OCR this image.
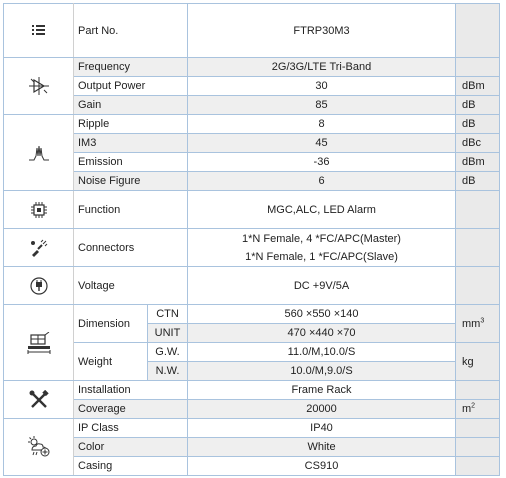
	Part No.		FTRP30M3	
	Frequency		2G/3G/LTE Tri-Band	
	Output Power		30	dBm
	Gain		85	dB
	Ripple		8	dB
	IM3		45	dBc
	Emission		-36	dBm
	Noise Figure		6	dB
	Function		MGC,ALC, LED Alarm	
	Connectors		1*N Female, 4 *FC/APC(Master)
1*N Female, 1 *FC/APC(Slave)	

	Voltage		DC +9V/5A	
	Dimension	CTN	560 ×550 ×140	$mm^3$
		UNIT	470 ×440 ×70	
	Weight	G.W.	11.0/M,10.0/S	kg
		N.W.	10.0/M,9.0/S	
	Installation		Frame Rack	
	Coverage		20000	$m^2$
	IP Class		IP40	
	Color		White	
	Casing		CS910	
